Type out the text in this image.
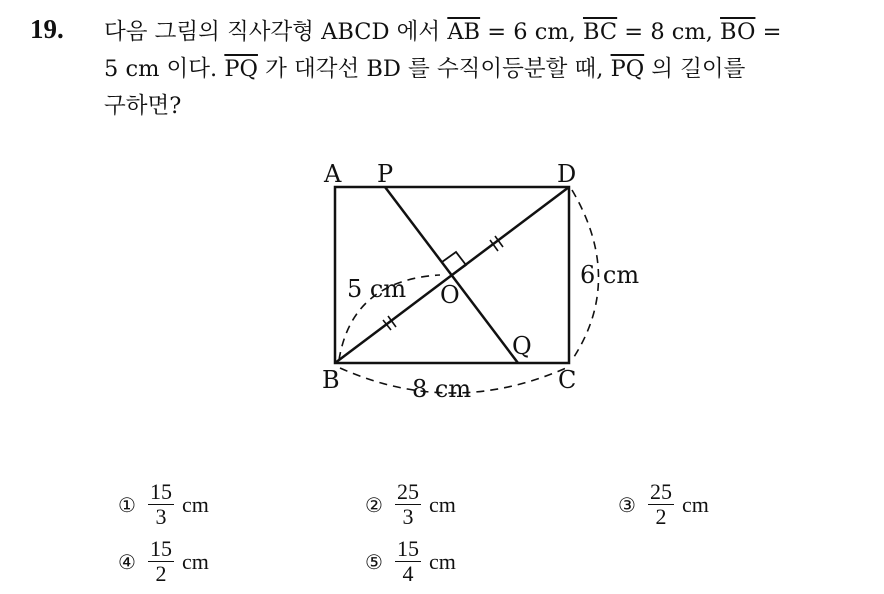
19. 다음 그림의 직사각형 ABCD 에서 $\overline{AB} = 6$ cm, $\overline{BC} = 8$ cm, $\overline{BO}$ =
5 cm 이다. $\overline{PQ}$ 가 대각선 BD 를 수직이등분할 때, $\overline{PQ}$ 의 길이를
구하면?
A P	D
B	C
Q
O
5 cm	6 cm
8 cm
① $\frac{15}{3}$ cm	② $\frac{25}{3}$ cm	③ $\frac{25}{2}$ cm
④ $\frac{15}{2}$ cm	⑤ $\frac{15}{4}$ cm
